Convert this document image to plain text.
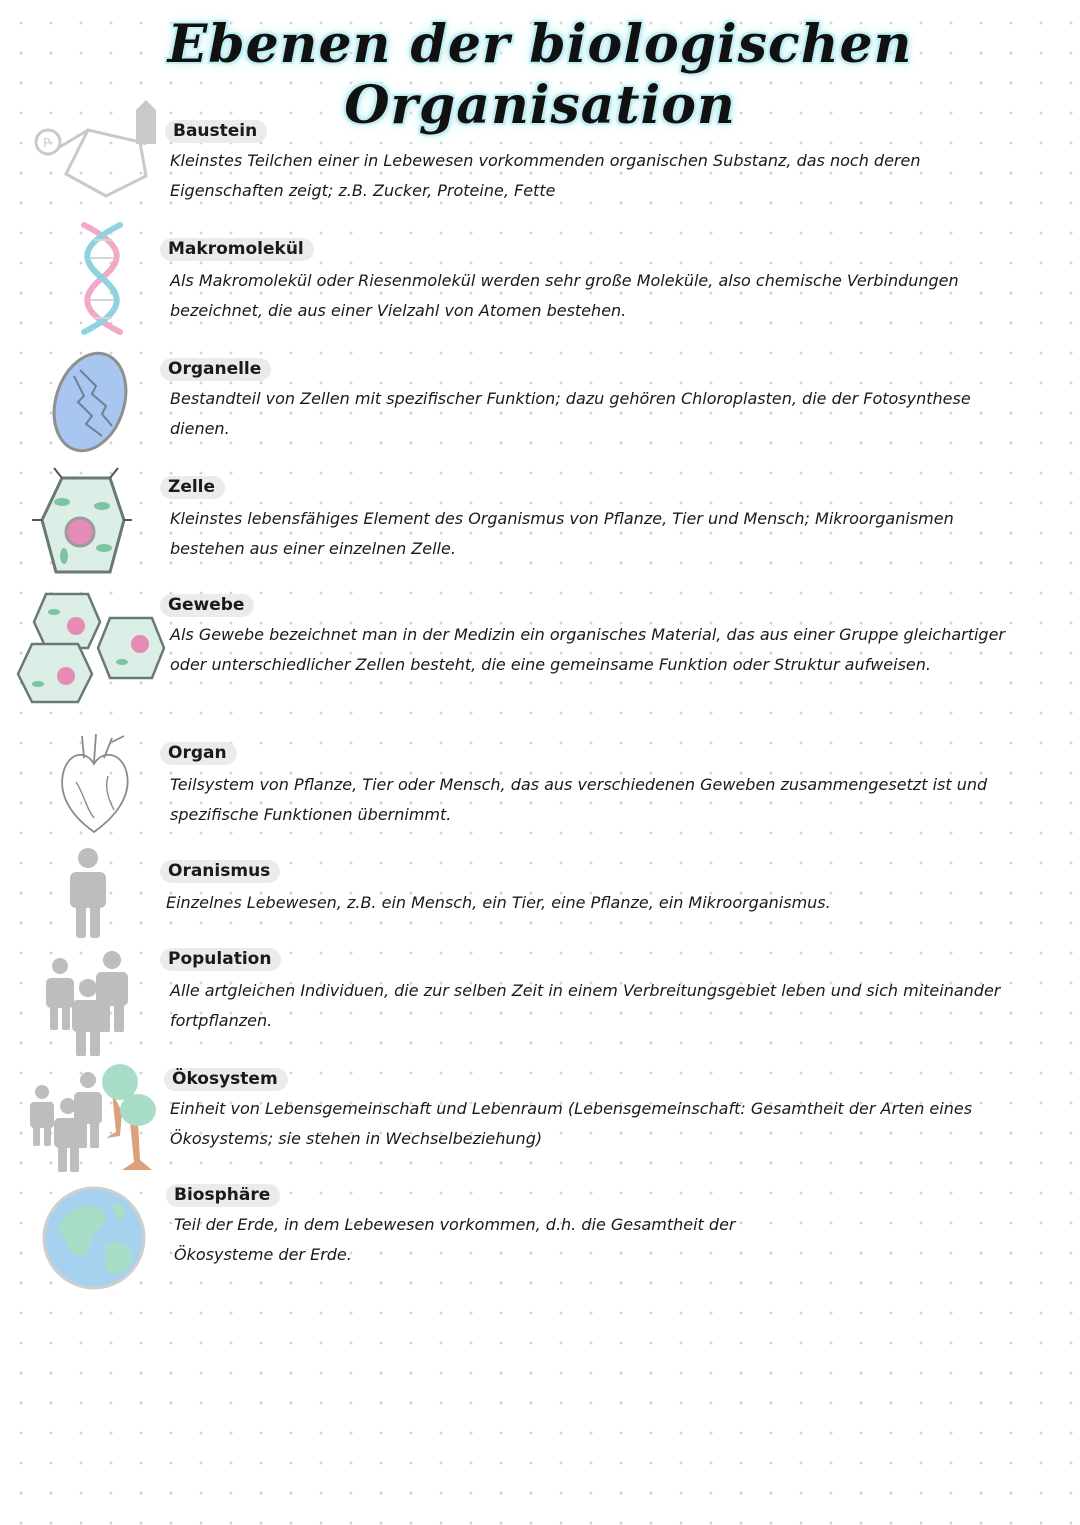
Ebenen der biologischen Organisation
P
Baustein
Kleinstes Teilchen einer in Lebewesen vorkommenden organischen Substanz, das noch deren Eigenschaften zeigt; z.B. Zucker, Proteine, Fette
Makromolekül
Als Makromolekül oder Riesenmolekül werden sehr große Moleküle, also chemische Verbindungen bezeichnet, die aus einer Vielzahl von Atomen bestehen.
Organelle
Bestandteil von Zellen mit spezifischer Funktion; dazu gehören Chloroplasten, die der Fotosynthese dienen.
Zelle
Kleinstes lebensfähiges Element des Organismus von Pflanze, Tier und Mensch; Mikroorganismen bestehen aus einer einzelnen Zelle.
Gewebe
Als Gewebe bezeichnet man in der Medizin ein organisches Material, das aus einer Gruppe gleichartiger oder unterschiedlicher Zellen besteht, die eine gemeinsame Funktion oder Struktur aufweisen.
Organ
Teilsystem von Pflanze, Tier oder Mensch, das aus verschiedenen Geweben zusammengesetzt ist und spezifische Funktionen übernimmt.
Oranismus
Einzelnes Lebewesen, z.B. ein Mensch, ein Tier, eine Pflanze, ein Mikroorganismus.
Population
Alle artgleichen Individuen, die zur selben Zeit in einem Verbreitungsgebiet leben und sich miteinander fortpflanzen.
Ökosystem
Einheit von Lebensgemeinschaft und Lebenraum (Lebensgemeinschaft: Gesamtheit der Arten eines Ökosystems; sie stehen in Wechselbeziehung)
Biosphäre
Teil der Erde, in dem Lebewesen vorkommen, d.h. die Gesamtheit der Ökosysteme der Erde.
